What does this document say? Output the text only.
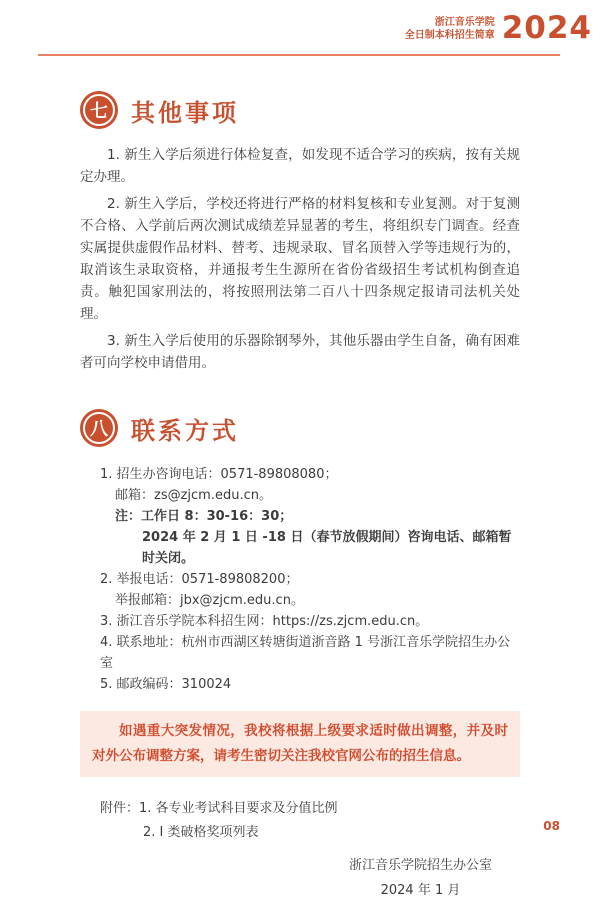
浙江音乐学院
全日制本科招生简章 2024
七 其他事项

1. 新生入学后须进行体检复查，如发现不适合学习的疾病，按有关规定办理。

2. 新生入学后，学校还将进行严格的材料复核和专业复测。对于复测不合格、入学前后两次测试成绩差异显著的考生，将组织专门调查。经查实属提供虚假作品材料、替考、违规录取、冒名顶替入学等违规行为的，取消该生录取资格，并通报考生生源所在省份省级招生考试机构倒查追责。触犯国家刑法的，将按照刑法第二百八十四条规定报请司法机关处理。

3. 新生入学后使用的乐器除钢琴外，其他乐器由学生自备，确有困难者可向学校申请借用。

八 联系方式
1. 招生办咨询电话：0571-89808080；
邮箱：zs@zjcm.edu.cn。
注：工作日 8：30-16：30；
2024 年 2 月 1 日 -18 日（春节放假期间）咨询电话、邮箱暂时关闭。
2. 举报电话：0571-89808200；
举报邮箱：jbx@zjcm.edu.cn。
3. 浙江音乐学院本科招生网：https://zs.zjcm.edu.cn。
4. 联系地址：杭州市西湖区转塘街道浙音路 1 号浙江音乐学院招生办公室
5. 邮政编码：310024

如遇重大突发情况，我校将根据上级要求适时做出调整，并及时对外公布调整方案，请考生密切关注我校官网公布的招生信息。

附件：1. 各专业考试科目要求及分值比例
2. I 类破格奖项列表
浙江音乐学院招生办公室
2024 年 1 月
08
